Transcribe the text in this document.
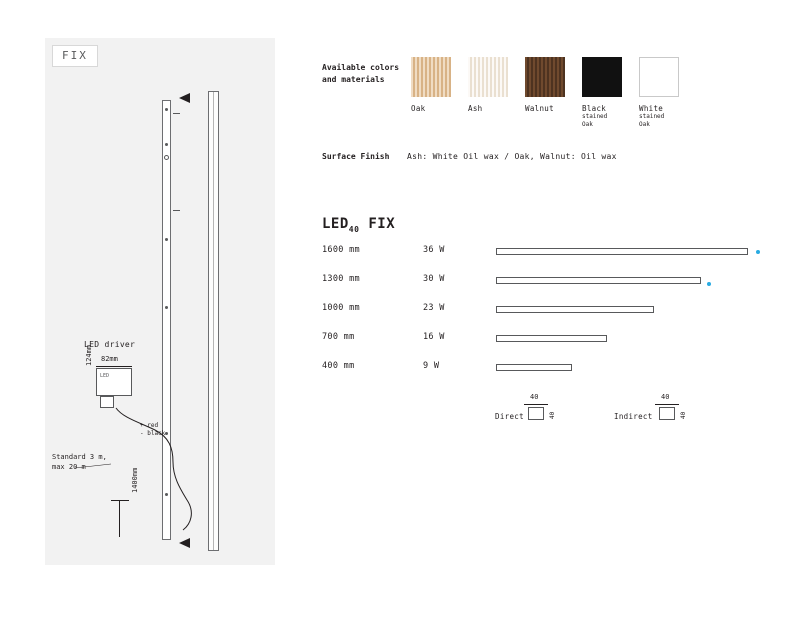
FIX
LED driver
82mm
124mm
LED
+ red
- black
Standard 3 m,
max 20 m
1400mm
Available colors
and materials
Oak	Ash	Walnut	Black
stained
Oak
White
stained
Oak
Surface Finish Ash: White Oil wax / Oak, Walnut: Oil wax
$LED_{40}$ FIX
1600 mm	36 W
1300 mm	30 W
1000 mm	23 W
700 mm	16 W
400 mm	9 W
Direct
40
40	Indirect
40
40
